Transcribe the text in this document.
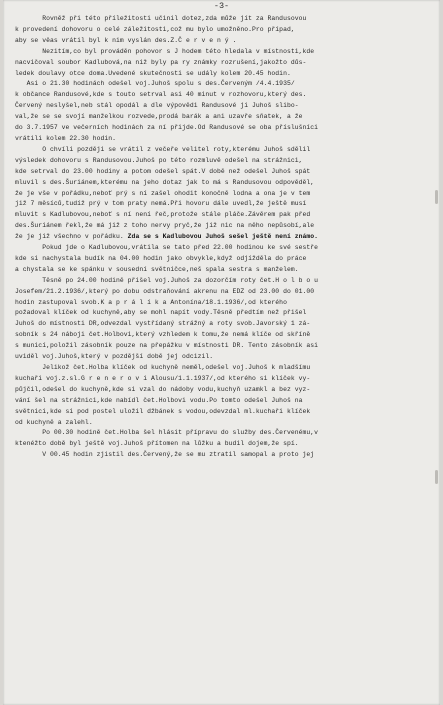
-3-
Rovněž při této příležitosti učinil dotez,zda může jít za Randusovou
k provedení dohovoru o celé záležitosti,což mu bylo umožněno.Pro případ,
aby se věas vrátil byl k nim vyslán des.Z.Č e r v e n ý .
Nezitím,co byl prováděn pohovor s J hodem této hledala v místnosti,kde
nacvičoval soubor Kadlubová,na niž byly pa ry známky rozrušení,jakožto důs-
ledek doulavy otce doma.Uvedené skutečnosti se udály kolem 20.45 hodin.
Asi o 21.30 hodinách odešel voj.Juhoš spolu s des.Červeným /4.4.1935/
k občance Randusové,kde s touto setrval asi 40 minut v rozhovoru,který des.
Červený neslyšel,neb stál opodál a dle výpovědi Randusové ji Juhoš slibo-
val,že se se svojí manželkou rozvede,prodá barák a ani uzavře sňatek, a že
do 3.7.1957 ve večerních hodinách za ní přijde.Od Randusové se oba příslušníci
vrátili kolem 22.30 hodin.
O chvíli později se vrátil z večeře velitel roty,kterému Juhoš sdělil
výsledek dohovoru s Randusovou.Juhoš po této rozmluvě odešel na strážnici,
kde setrval do 23.00 hodiny a potom odešel spát.V době než odešel Juhoš spát
mluvil s des.Šuriánem,kterému na jeho dotaz jak to má s Randusovou odpověděl,
že je vše v pořádku,neboť prý s ní zašel ohodit konočně lodna a ona je v tem
již 7 měsíců,tudíž prý v tom praty nemá.Při hovoru dále uvedl,že ještě musí
mluvit s Kadlubovou,neboť s ní není řeč,protože stále pláče.Závěrem pak před
des.Šuriánem řekl,že má již z toho nervy pryč,že již nic na něho nepůsobí,ale
že je již všechno v pořádku. Zda se s Kadlubovou Juhoš sešel ještě není známo.
Pokud jde o Kadlubovou,vrátila se tato před 22.00 hodinou ke své sestře
kde si nachystala budík na 04.00 hodin jako obvykle,když odjížděla do práce
a chystala se ke spánku v sousední světničce,neš spala sestra s manželem.
Těsně po 24.00 hodině přišel voj.Juhoš za dozorčím roty čet.H o l b o u
Josefem/21.2.1936/,který po dobu odstraňování akrenu na EDZ od 23.00 do 01.00
hodin zastupoval svob.K a p r á l í k a Antonína/18.1.1936/,od kterého
požadoval klíček od kuchyně,aby se mohl napít vody.Těsně předtím než přišel
Juhoš do místnosti DR,odvezdal vystřídaný strážný a roty svob.Javorský 1 zá-
sobník s 24 náboji čet.Holbovi,který vzhledem k tomu,že nemá klíče od skříně
s municí,položil zásobník pouze na přepážku v místnosti DR. Tento zásobník asi
uviděl voj.Juhoš,který v pozdější době jej odcizil.
Jelikož čet.Holba klíček od kuchyně neměl,odešel voj.Juhoš k mladšímu
kuchaři voj.z.sl.G r e n e r o v i Alousu/1.1.1937/,od kterého si klíček vy-
půjčil,odešel do kuchyně,kde si vzal do nádoby vodu,kuchyň uzamkl a bez vyz-
vání šel na strážnici,kde nabídl čet.Holbovi vodu.Po tomto odešel Juhoš na
světnici,kde si pod postel uložil džbánek s vodou,odevzdal ml.kuchaři klíček
od kuchyně a zalehl.
Po 00.30 hodině čet.Holba šel hlásit přípravu do služby des.Červenému,v
ktenéžto době byl ještě voj.Juhoš přítomen na lůžku a budil dojem,že spí.
V 00.45 hodin zjistil des.Červený,že se mu ztratil samopal a proto jej
